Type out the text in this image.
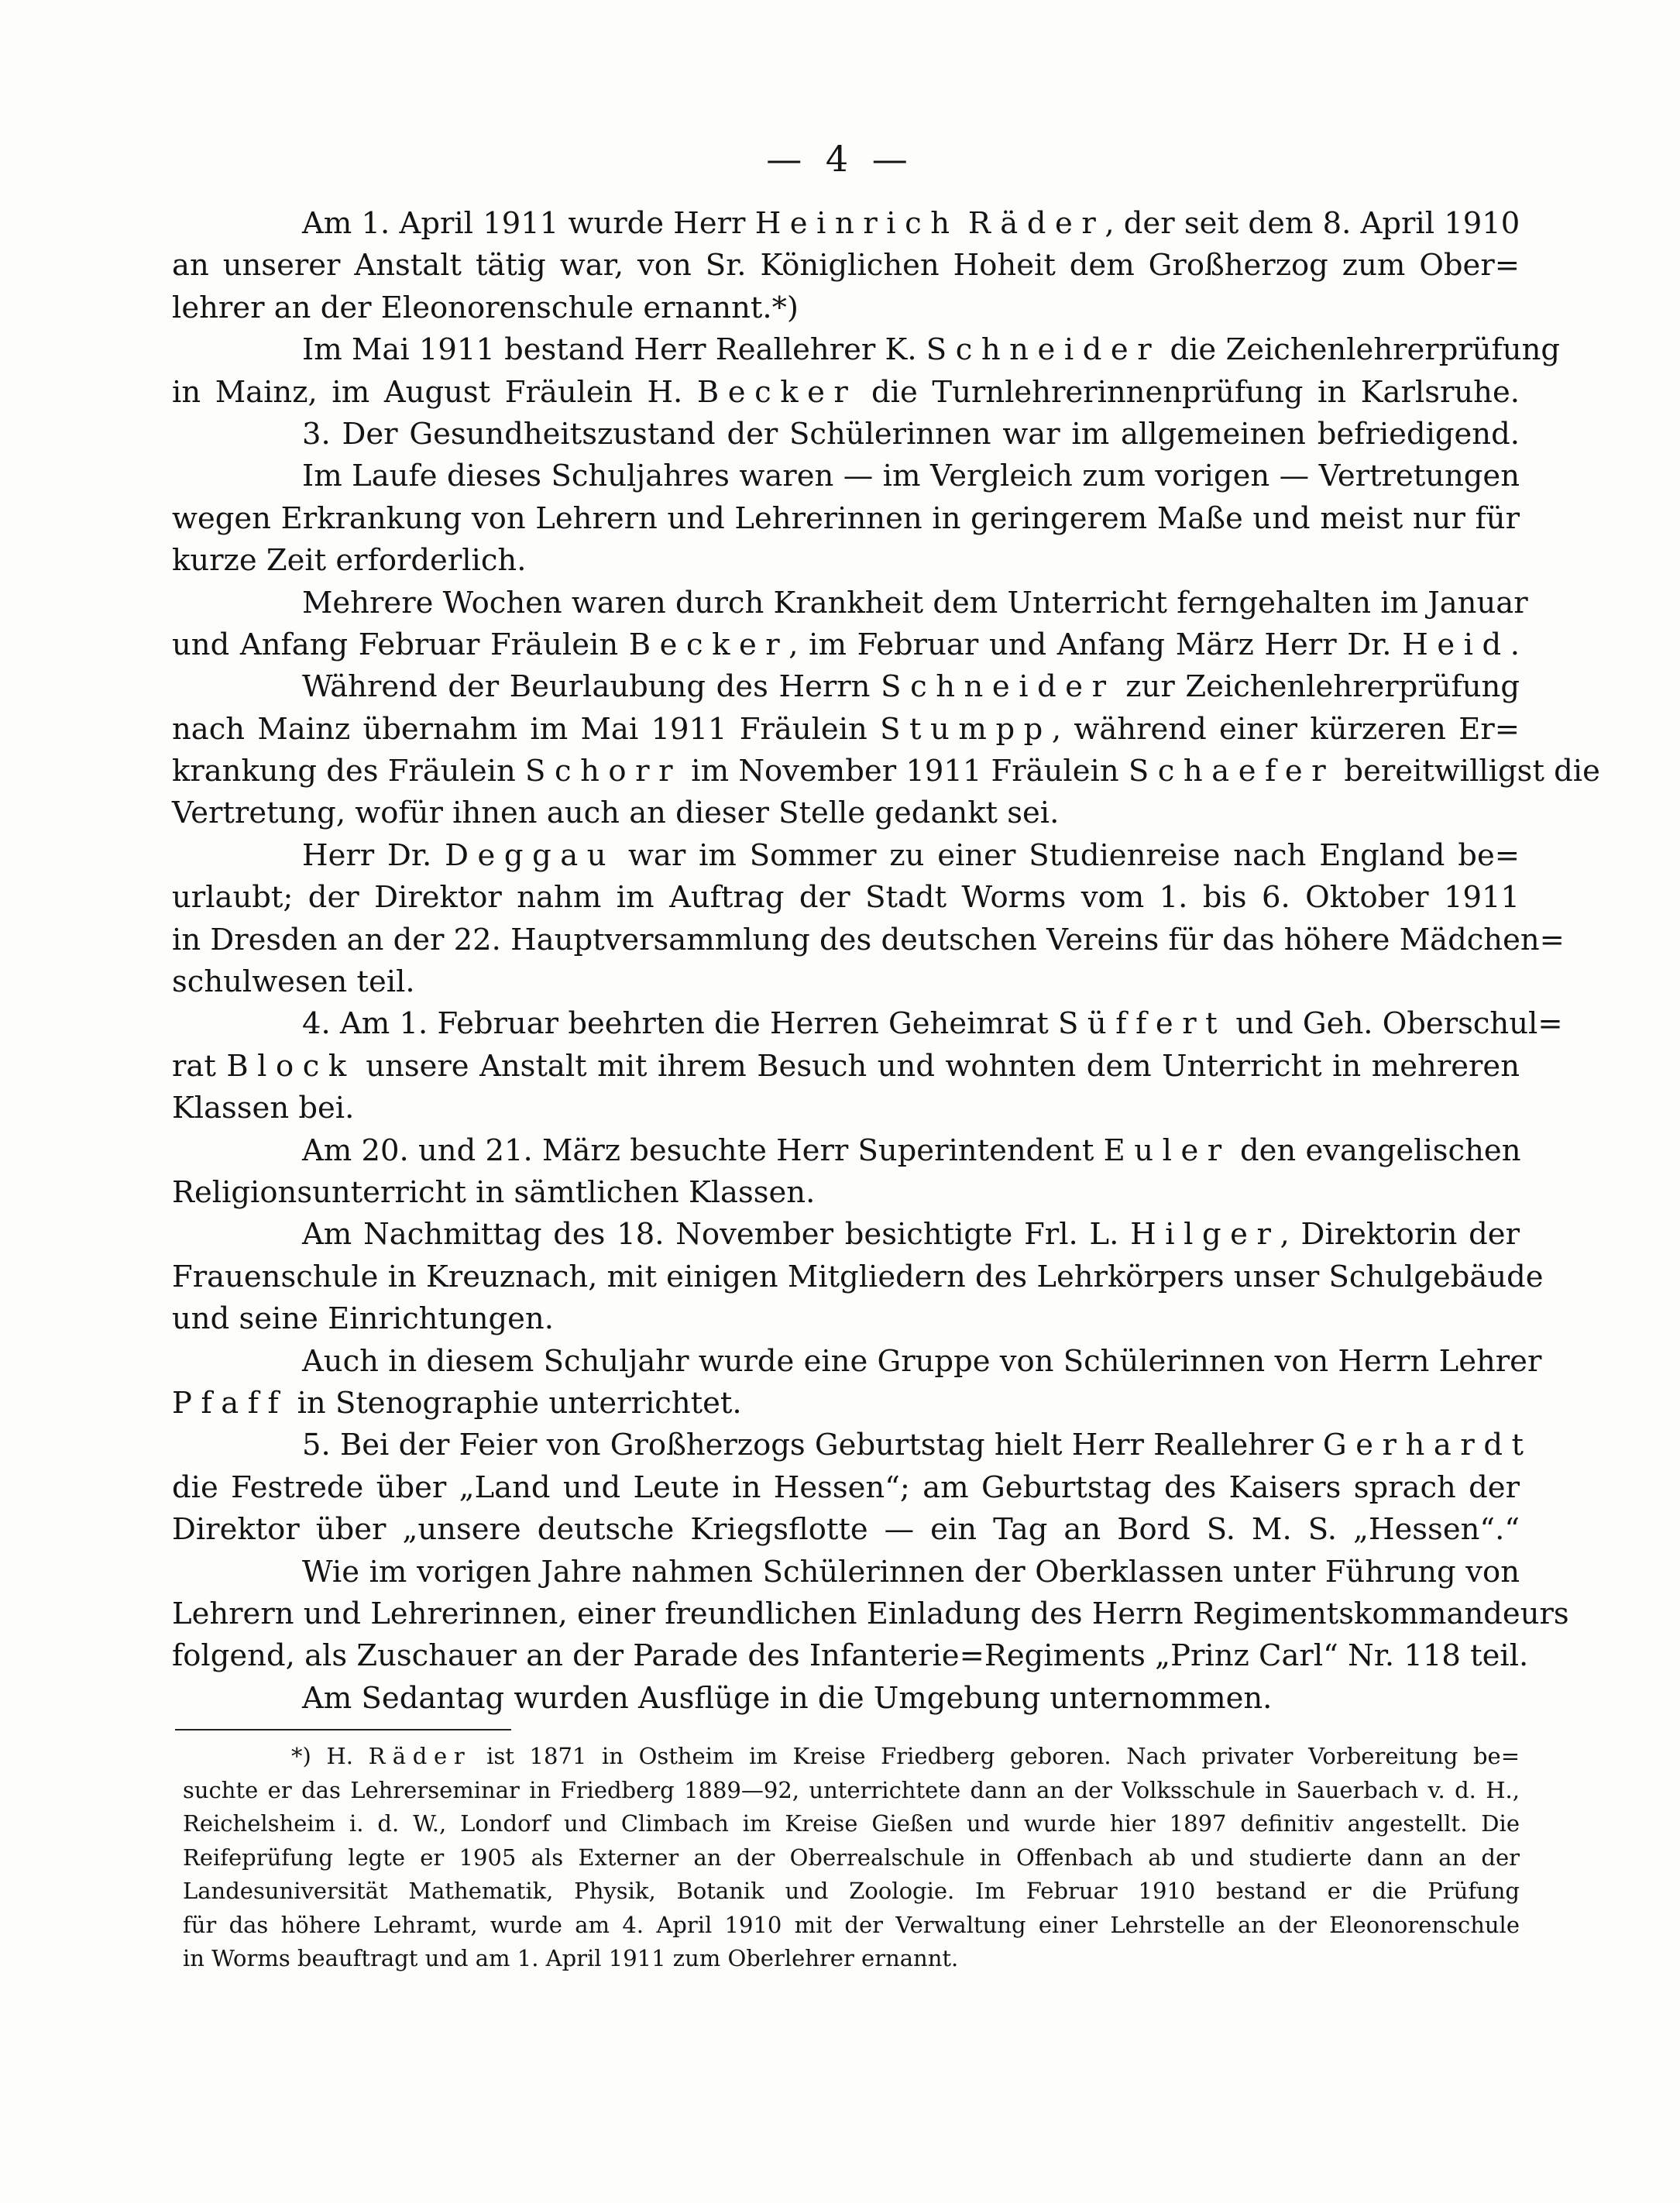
— 4 —
Am 1. April 1911 wurde Herr Heinrich Räder, der seit dem 8. April 1910
an unserer Anstalt tätig war, von Sr. Königlichen Hoheit dem Großherzog zum Ober=
lehrer an der Eleonorenschule ernannt.*)
Im Mai 1911 bestand Herr Reallehrer K. Schneider die Zeichenlehrerprüfung
in Mainz, im August Fräulein H. Becker die Turnlehrerinnenprüfung in Karlsruhe.
3. Der Gesundheitszustand der Schülerinnen war im allgemeinen befriedigend.
Im Laufe dieses Schuljahres waren — im Vergleich zum vorigen — Vertretungen
wegen Erkrankung von Lehrern und Lehrerinnen in geringerem Maße und meist nur für
kurze Zeit erforderlich.
Mehrere Wochen waren durch Krankheit dem Unterricht ferngehalten im Januar
und Anfang Februar Fräulein Becker, im Februar und Anfang März Herr Dr. Heid.
Während der Beurlaubung des Herrn Schneider zur Zeichenlehrerprüfung
nach Mainz übernahm im Mai 1911 Fräulein Stumpp, während einer kürzeren Er=
krankung des Fräulein Schorr im November 1911 Fräulein Schaefer bereitwilligst die
Vertretung, wofür ihnen auch an dieser Stelle gedankt sei.
Herr Dr. Deggau war im Sommer zu einer Studienreise nach England be=
urlaubt; der Direktor nahm im Auftrag der Stadt Worms vom 1. bis 6. Oktober 1911
in Dresden an der 22. Hauptversammlung des deutschen Vereins für das höhere Mädchen=
schulwesen teil.
4. Am 1. Februar beehrten die Herren Geheimrat Süffert und Geh. Oberschul=
rat Block unsere Anstalt mit ihrem Besuch und wohnten dem Unterricht in mehreren
Klassen bei.
Am 20. und 21. März besuchte Herr Superintendent Euler den evangelischen
Religionsunterricht in sämtlichen Klassen.
Am Nachmittag des 18. November besichtigte Frl. L. Hilger, Direktorin der
Frauenschule in Kreuznach, mit einigen Mitgliedern des Lehrkörpers unser Schulgebäude
und seine Einrichtungen.
Auch in diesem Schuljahr wurde eine Gruppe von Schülerinnen von Herrn Lehrer
Pfaff in Stenographie unterrichtet.
5. Bei der Feier von Großherzogs Geburtstag hielt Herr Reallehrer Gerhardt
die Festrede über „Land und Leute in Hessen“; am Geburtstag des Kaisers sprach der
Direktor über „unsere deutsche Kriegsflotte — ein Tag an Bord S. M. S. „Hessen“.“
Wie im vorigen Jahre nahmen Schülerinnen der Oberklassen unter Führung von
Lehrern und Lehrerinnen, einer freundlichen Einladung des Herrn Regimentskommandeurs
folgend, als Zuschauer an der Parade des Infanterie=Regiments „Prinz Carl“ Nr. 118 teil.
Am Sedantag wurden Ausflüge in die Umgebung unternommen.
*) H. Räder ist 1871 in Ostheim im Kreise Friedberg geboren. Nach privater Vorbereitung be=
suchte er das Lehrerseminar in Friedberg 1889—92, unterrichtete dann an der Volksschule in Sauerbach v. d. H.,
Reichelsheim i. d. W., Londorf und Climbach im Kreise Gießen und wurde hier 1897 definitiv angestellt. Die
Reifeprüfung legte er 1905 als Externer an der Oberrealschule in Offenbach ab und studierte dann an der
Landesuniversität Mathematik, Physik, Botanik und Zoologie. Im Februar 1910 bestand er die Prüfung
für das höhere Lehramt, wurde am 4. April 1910 mit der Verwaltung einer Lehrstelle an der Eleonorenschule
in Worms beauftragt und am 1. April 1911 zum Oberlehrer ernannt.
